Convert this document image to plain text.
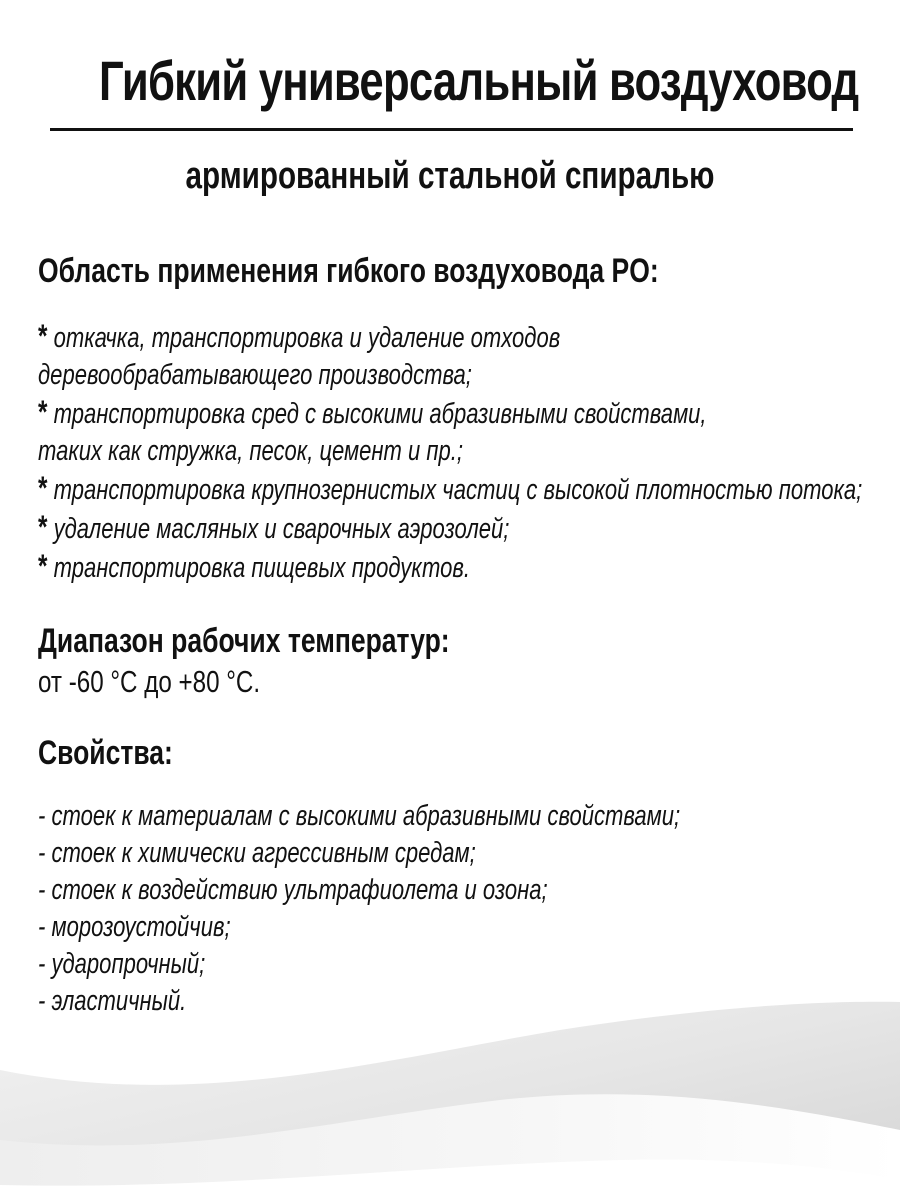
Гибкий универсальный воздуховод
армированный стальной спиралью
Область применения гибкого воздуховода PO:
* откачка, транспортировка и удаление отходов
деревообрабатывающего производства;
* транспортировка сред с высокими абразивными свойствами,
таких как стружка, песок, цемент и пр.;
* транспортировка крупнозернистых частиц с высокой плотностью потока;
* удаление масляных и сварочных аэрозолей;
* транспортировка пищевых продуктов.
Диапазон рабочих температур:
от -60 °C до +80 °C.
Свойства:
- стоек к материалам с высокими абразивными свойствами;
- стоек к химически агрессивным средам;
- стоек к воздействию ультрафиолета и озона;
- морозоустойчив;
- ударопрочный;
- эластичный.
